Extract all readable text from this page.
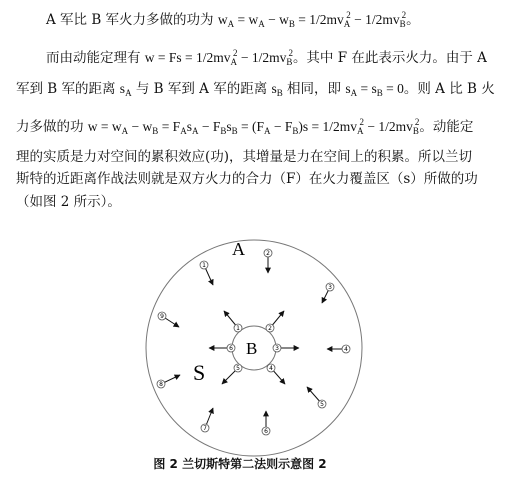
A 军比 B 军火力多做的功为 $w_A = w_A - w_B = 1/2mv_A^2 - 1/2mv_B^2$。
而由动能定理有 $w = Fs = 1/2mv_A^2 - 1/2mv_B^2$。其中 F 在此表示火力。由于 A
军到 B 军的距离 $s_A$ 与 B 军到 A 军的距离 $s_B$ 相同，即 $s_A = s_B = 0$。则 A 比 B 火
力多做的功 $w = w_A - w_B = F_As_A - F_Bs_B = (F_A - F_B)s = 1/2mv_A^2 - 1/2mv_B^2$。动能定
理的实质是力对空间的累积效应(功)，其增量是力在空间上的积累。所以兰切
斯特的近距离作战法则就是双方火力的合力（F）在火力覆盖区（s）所做的功
（如图 2 所示）。
1
2
3
4
5
6
7
8
9
1	2
3
4
5
6
A
B
S
图 2 兰切斯特第二法则示意图 2
